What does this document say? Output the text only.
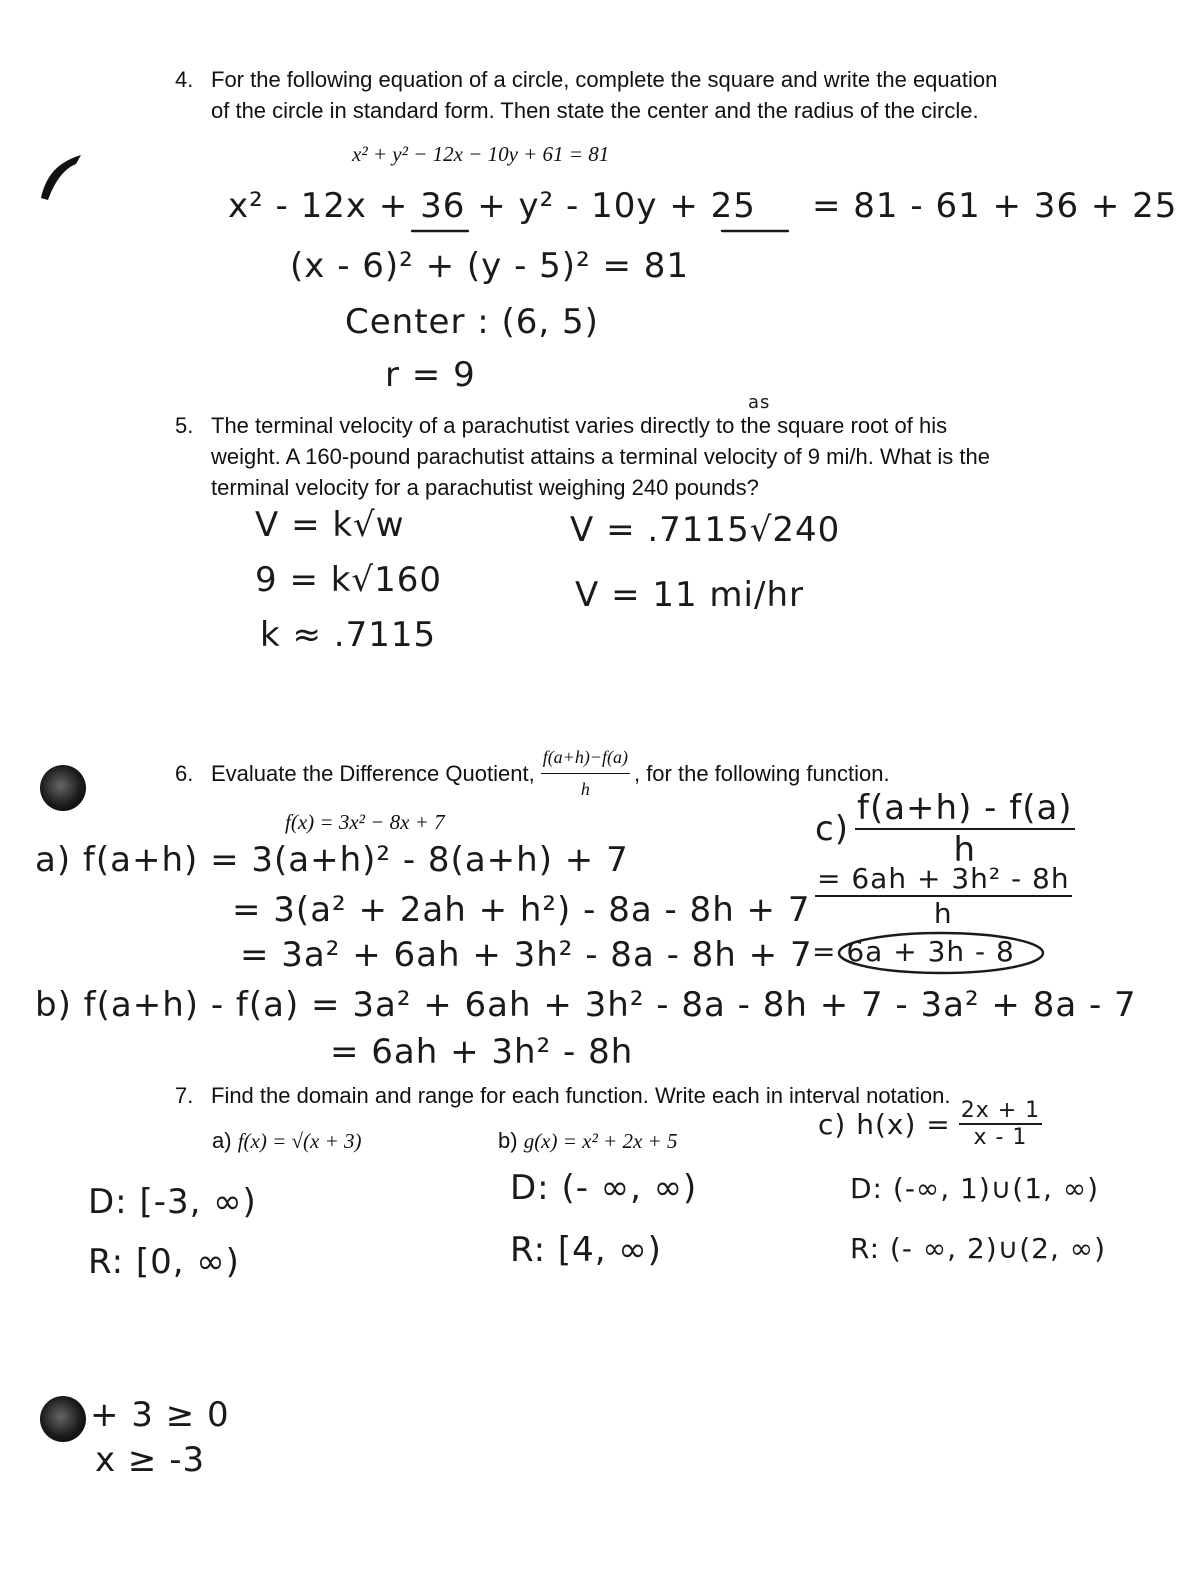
4. For the following equation of a circle, complete the square and write the equation
of the circle in standard form. Then state the center and the radius of the circle.
x² + y² − 12x − 10y + 61 = 81
x² - 12x + 36 + y² - 10y + 25 = 81 - 61 + 36 + 25
(x - 6)² + (y - 5)² = 81
Center : (6, 5)
r = 9
as
5. The terminal velocity of a parachutist varies directly to the square root of his
weight. A 160-pound parachutist attains a terminal velocity of 9 mi/h. What is the
terminal velocity for a parachutist weighing 240 pounds?
V = k√w
9 = k√160
k ≈ .7115
V = .7115√240
V = 11 mi/hr
6. Evaluate the Difference Quotient, $\frac{f(a+h)-f(a)}{h}$ , for the following function.
f(x) = 3x² − 8x + 7
a) f(a+h) = 3(a+h)² - 8(a+h) + 7
= 3(a² + 2ah + h²) - 8a - 8h + 7
= 3a² + 6ah + 3h² - 8a - 8h + 7
b) f(a+h) - f(a) = 3a² + 6ah + 3h² - 8a - 8h + 7 - 3a² + 8a - 7
= 6ah + 3h² - 8h
$c) \frac{f(a+h) - f(a)}{h}$
$\frac{\text{= 6ah + 3h² - 8h}}{h}$
= 6a + 3h - 8
7. Find the domain and range for each function. Write each in interval notation.
a) f(x) = √(x + 3)	b) g(x) = x² + 2x + 5
c) $h(x) = \frac{2x + 1}{x - 1}$
D: [-3, ∞)
R: [0, ∞)
D: (- ∞, ∞)
R: [4, ∞)
D: (-∞, 1)∪(1, ∞)
R: (- ∞, 2)∪(2, ∞)
+ 3 ≥ 0
x ≥ -3
